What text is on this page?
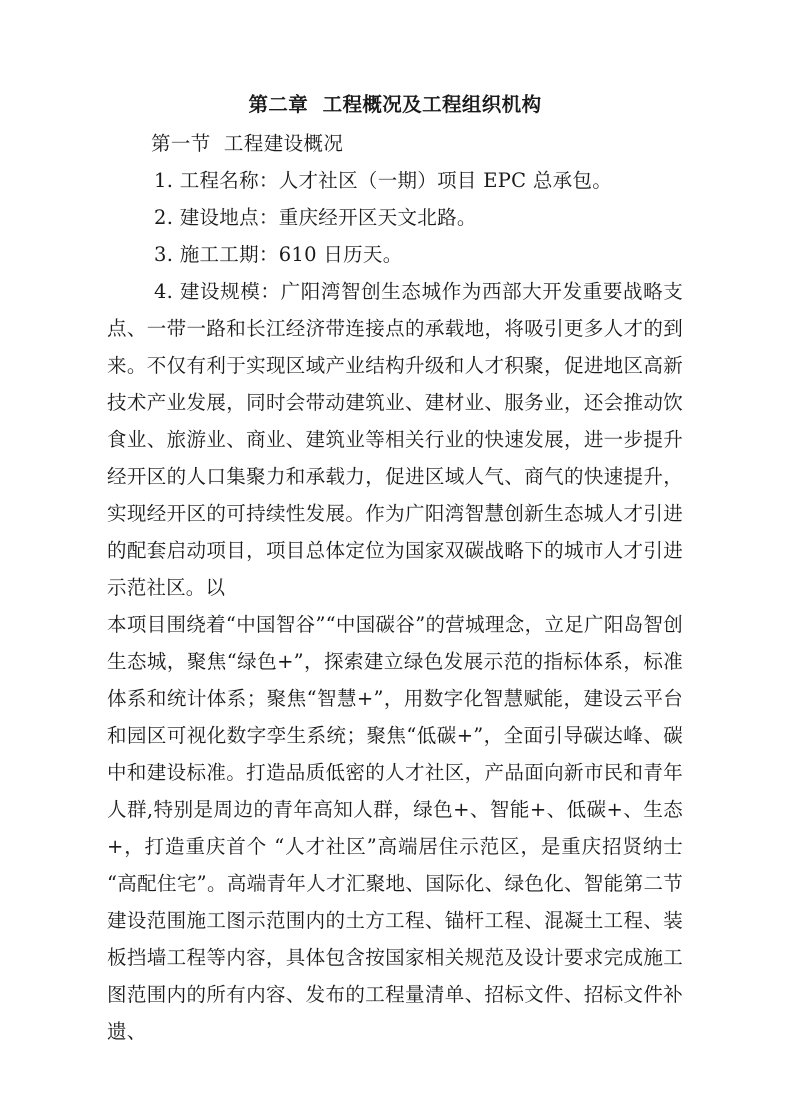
第二章  工程概况及工程组织机构

第一节  工程建设概况

1. 工程名称：人才社区（一期）项目 EPC 总承包。

2. 建设地点：重庆经开区天文北路。

3. 施工工期：610 日历天。

4. 建设规模：广阳湾智创生态城作为西部大开发重要战略支点、一带一路和长江经济带连接点的承载地，将吸引更多人才的到来。不仅有利于实现区域产业结构升级和人才积聚，促进地区高新技术产业发展，同时会带动建筑业、建材业、服务业，还会推动饮食业、旅游业、商业、建筑业等相关行业的快速发展，进一步提升经开区的人口集聚力和承载力，促进区域人气、商气的快速提升，实现经开区的可持续性发展。作为广阳湾智慧创新生态城人才引进的配套启动项目，项目总体定位为国家双碳战略下的城市人才引进示范社区。以

本项目围绕着“中国智谷”“中国碳谷”的营城理念，立足广阳岛智创生态城，聚焦“绿色+”，探索建立绿色发展示范的指标体系，标准体系和统计体系；聚焦“智慧+”，用数字化智慧赋能，建设云平台和园区可视化数字孪生系统；聚焦“低碳+”，全面引导碳达峰、碳中和建设标准。打造品质低密的人才社区，产品面向新市民和青年人群,特别是周边的青年高知人群，绿色+、智能+、低碳+、生态+，打造重庆首个 “人才社区”高端居住示范区，是重庆招贤纳士“高配住宅”。高端青年人才汇聚地、国际化、绿色化、智能第二节 建设范围施工图示范围内的土方工程、锚杆工程、混凝土工程、装板挡墙工程等内容，具体包含按国家相关规范及设计要求完成施工图范围内的所有内容、发布的工程量清单、招标文件、招标文件补遗、
